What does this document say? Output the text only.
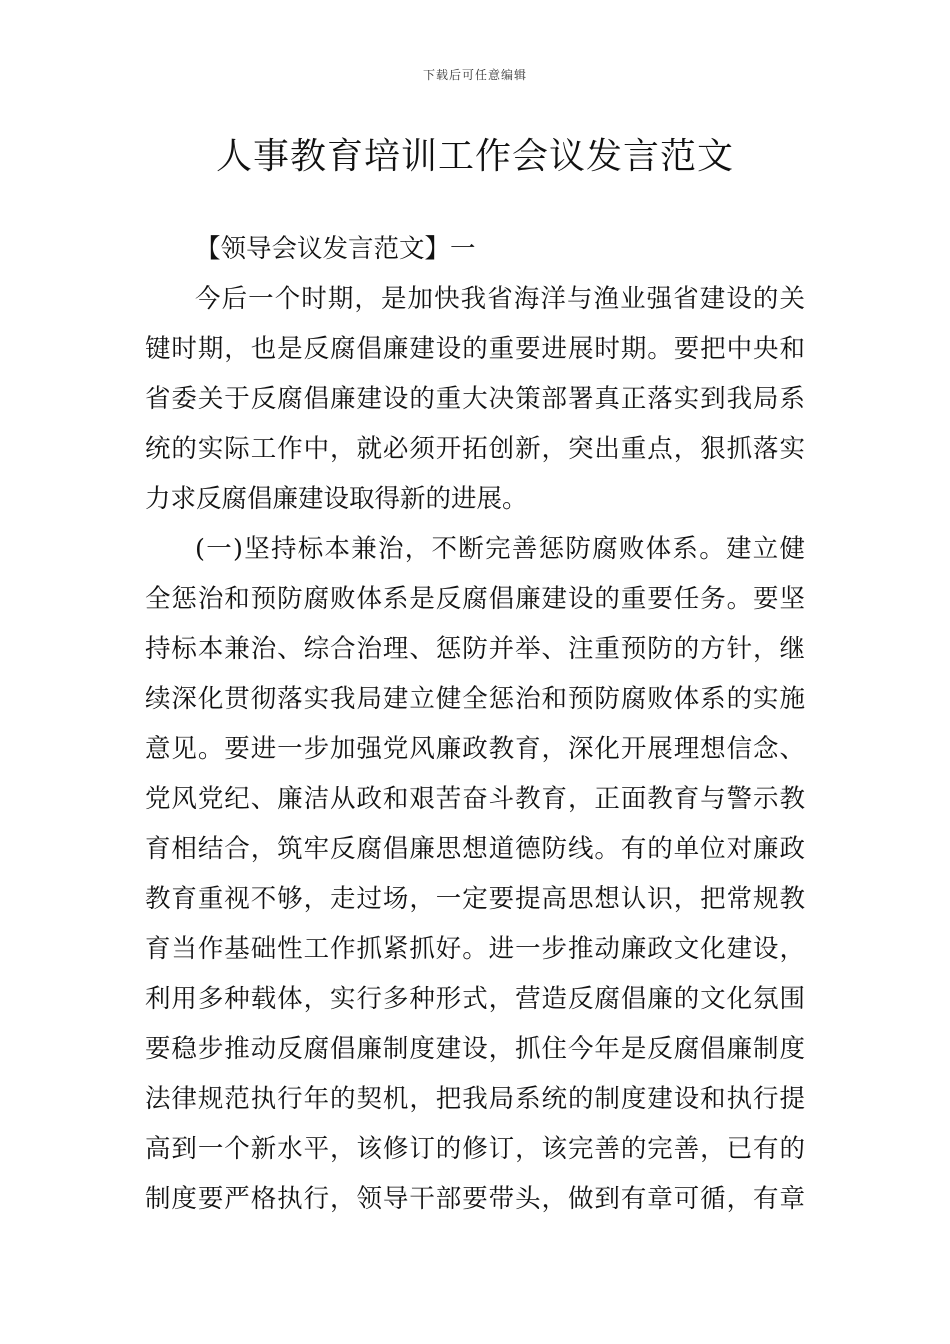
下载后可任意编辑
人事教育培训工作会议发言范文
【领导会议发言范文】一
今后一个时期，是加快我省海洋与渔业强省建设的关
键时期，也是反腐倡廉建设的重要进展时期。要把中央和
省委关于反腐倡廉建设的重大决策部署真正落实到我局系
统的实际工作中，就必须开拓创新，突出重点，狠抓落实
力求反腐倡廉建设取得新的进展。
(一)坚持标本兼治，不断完善惩防腐败体系。建立健
全惩治和预防腐败体系是反腐倡廉建设的重要任务。要坚
持标本兼治、综合治理、惩防并举、注重预防的方针，继
续深化贯彻落实我局建立健全惩治和预防腐败体系的实施
意见。要进一步加强党风廉政教育，深化开展理想信念、
党风党纪、廉洁从政和艰苦奋斗教育，正面教育与警示教
育相结合，筑牢反腐倡廉思想道德防线。有的单位对廉政
教育重视不够，走过场，一定要提高思想认识，把常规教
育当作基础性工作抓紧抓好。进一步推动廉政文化建设，
利用多种载体，实行多种形式，营造反腐倡廉的文化氛围
要稳步推动反腐倡廉制度建设，抓住今年是反腐倡廉制度
法律规范执行年的契机，把我局系统的制度建设和执行提
高到一个新水平，该修订的修订，该完善的完善，已有的
制度要严格执行，领导干部要带头，做到有章可循，有章
